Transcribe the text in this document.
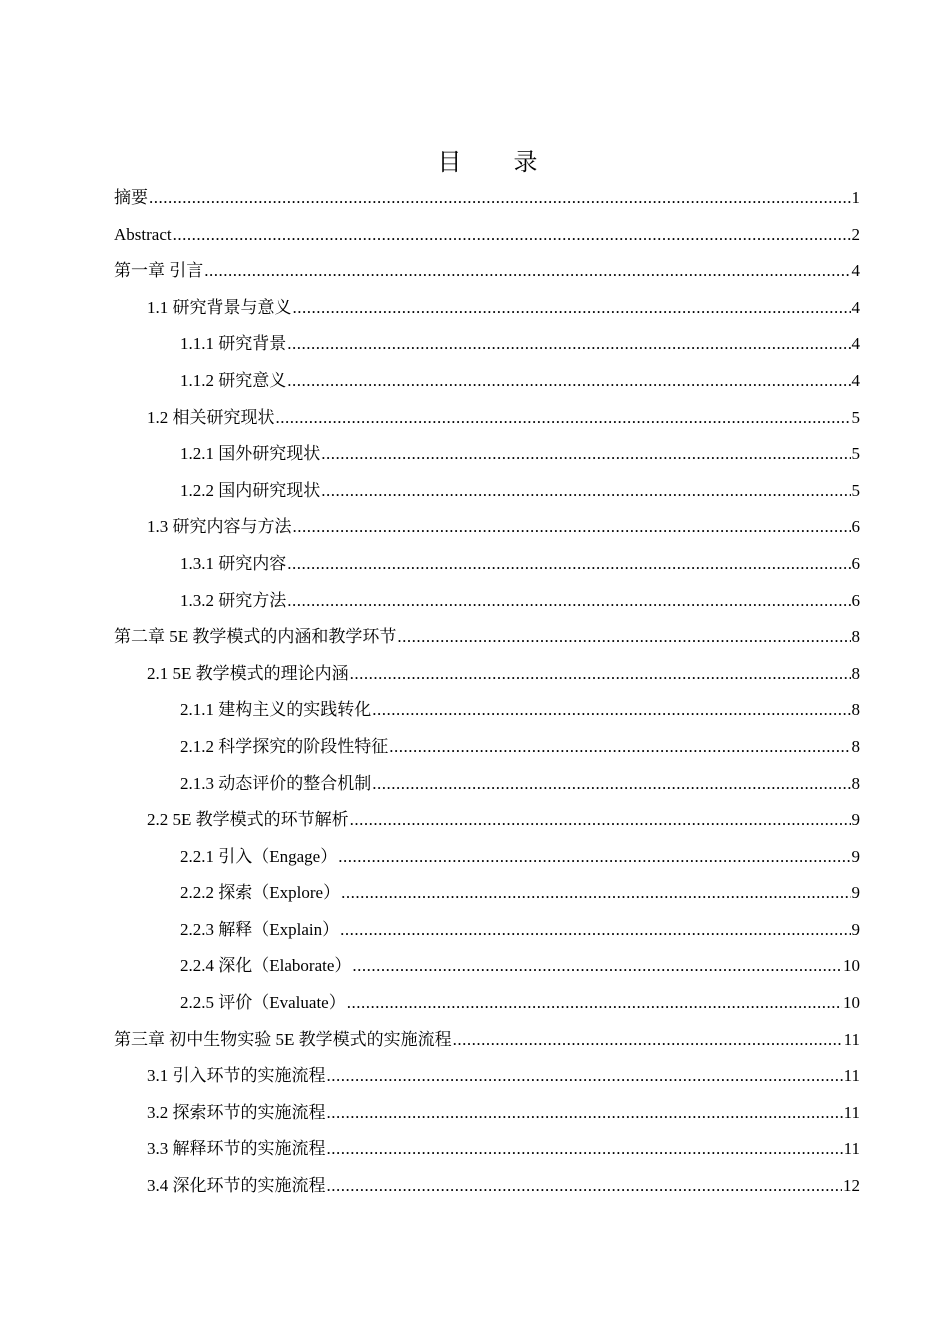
目 录
摘要 .....	1
Abstract .....	2
第一章 引言 .....	4
1.1 研究背景与意义 .....	4
1.1.1 研究背景 .....	4
1.1.2 研究意义 .....	4
1.2 相关研究现状 .....	5
1.2.1 国外研究现状 .....	5
1.2.2 国内研究现状 .....	5
1.3 研究内容与方法 .....	6
1.3.1 研究内容 .....	6
1.3.2 研究方法 .....	6
第二章 5E 教学模式的内涵和教学环节 .....	8
2.1 5E 教学模式的理论内涵 .....	8
2.1.1 建构主义的实践转化 .....	8
2.1.2 科学探究的阶段性特征 .....	8
2.1.3 动态评价的整合机制 .....	8
2.2 5E 教学模式的环节解析 .....	9
2.2.1 引入（Engage） .....	9
2.2.2 探索（Explore） .....	9
2.2.3 解释（Explain） .....	9
2.2.4 深化（Elaborate） .....	10
2.2.5 评价（Evaluate） .....	10
第三章 初中生物实验 5E 教学模式的实施流程 .....	11
3.1 引入环节的实施流程 .....	11
3.2 探索环节的实施流程 .....	11
3.3 解释环节的实施流程 .....	11
3.4 深化环节的实施流程 .....	12
